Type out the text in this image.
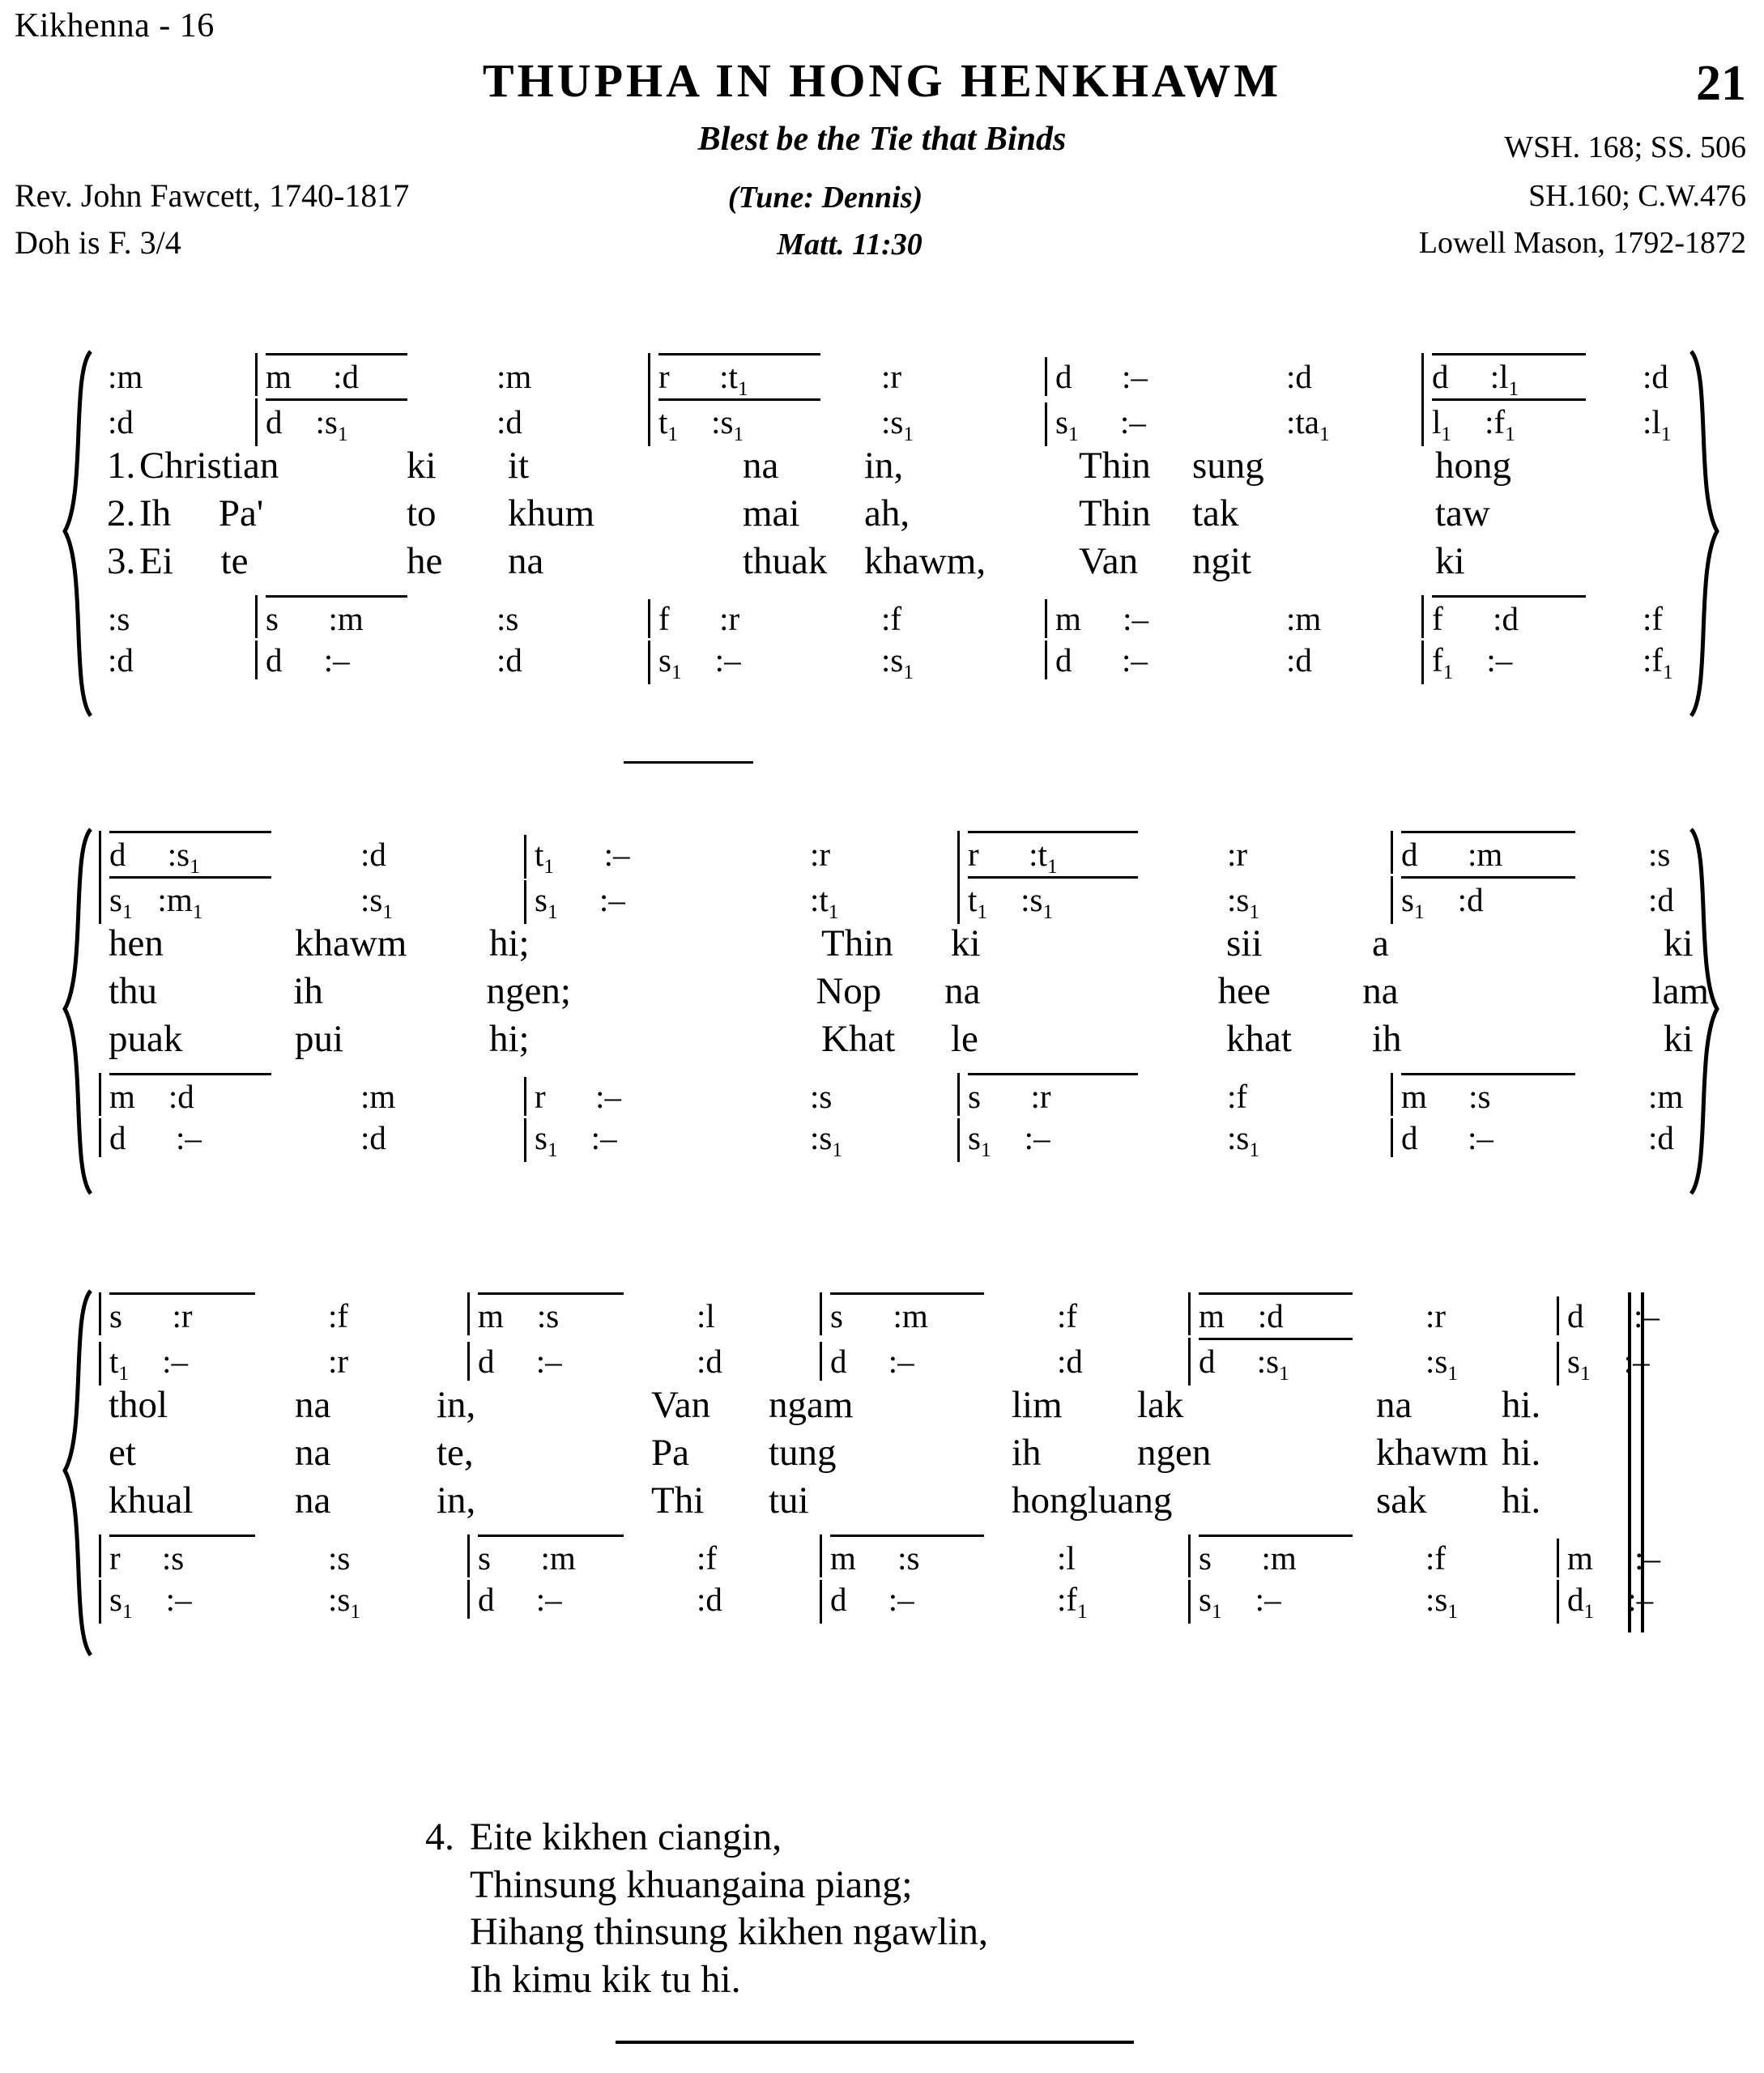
Kikhenna - 16
THUPHA IN HONG HENKHAWM	21
Blest be the Tie that Binds	WSH. 168; SS. 506
Rev. John Fawcett, 1740-1817	(Tune: Dennis)	SH.160; C.W.476
Doh is F. 3/4	Matt. 11:30	Lowell Mason, 1792-1872
:m	m     :d	:m	r      $:t_1$	:r	d      :–	:d	d     $:l_1$	:d
:d	d    $:s_1$	:d	$t_1$    $:s_1$	$:s_1$	$s_1$     :–	$:ta_1$	$l_1$    $:f_1$	$:l_1$
1. Christian	ki	it	na	in,	Thin	sung	hong
2. Ih     Pa'	to	khum	mai	ah,	Thin	tak	taw
3. Ei     te	he	na	thuak khawm,	Van	ngit	ki
:s	s      :m	:s	f      :r	:f	m     :–	:m	f      :d	:f
:d	d     :–	:d	$s_1$    :–	$:s_1$	d      :–	:d	$f_1$    :–	$:f_1$
d     $:s_1$	:d	$t_1$      :–	:r	r      $:t_1$	:r	d      :m	:s
$s_1$   $:m_1$	$:s_1$	$s_1$     :–	$:t_1$	$t_1$    $:s_1$	$:s_1$	$s_1$    :d	:d
hen	khawm	hi;	Thin	ki	sii	a	ki
thu	ih	ngen;	Nop	na	hee	na	lam
puak	pui	hi;	Khat	le	khat	ih	ki
m    :d	:m	r      :–	:s	s      :r	:f	m     :s	:m
d      :–	:d	$s_1$    :–	$:s_1$	$s_1$    :–	$:s_1$	d      :–	:d
s      :r	:f	m    :s	:l	s      :m	:f	m    :d	:r	d      :–
$t_1$    :–	:r	d     :–	:d	d     :–	:d	d     $:s_1$	$:s_1$	$s_1$    :–
thol	na	in,	Van	ngam	lim	lak	na	hi.
et	na	te,	Pa	tung	ih	ngen	khawm hi.
khual	na	in,	Thi	tui	hongluang	sak	hi.
r     :s	:s	s      :m	:f	m     :s	:l	s      :m	:f	m     :–
$s_1$    :–	$:s_1$	d     :–	:d	d     :–	$:f_1$	$s_1$    :–	$:s_1$	$d_1$    :–
4. Eite kikhen ciangin,
Thinsung khuangaina piang;
Hihang thinsung kikhen ngawlin,
Ih kimu kik tu hi.
